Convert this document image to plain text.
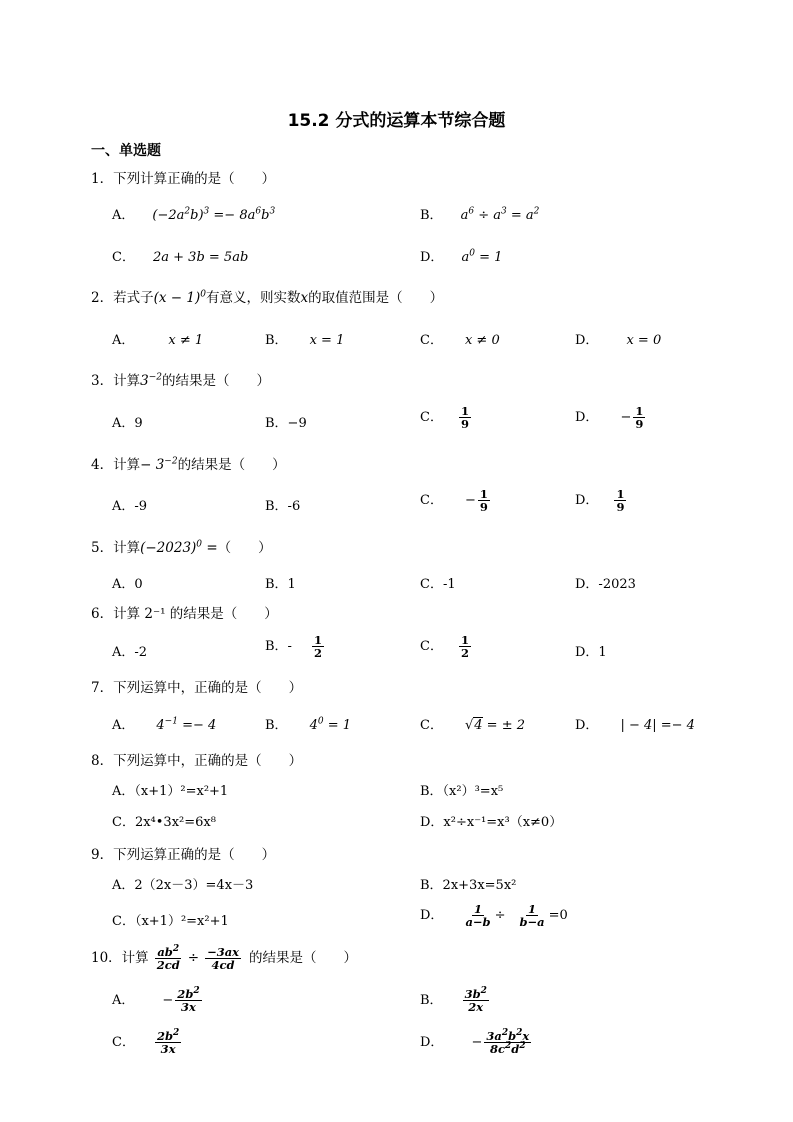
15.2 分式的运算本节综合题
一、单选题
1．下列计算正确的是（　　）
A． $(-2a^2b)^3 =- 8a^6b^3$	B． $a^6 \div a^3 = a^2$
C． 2a + 3b = 5ab	D． $a^0 = 1$
2．若式子$(x - 1)^0$有意义，则实数x的取值范围是（　　）
A．	x ≠ 1	B． x = 1	C． x ≠ 0	D． x = 0
3．计算$3^{-2}$的结果是（　　）
A．9	B．−9	C． $\frac{1}{9}$	D． − $\frac{1}{9}$
4．计算− $3^{-2}$的结果是（　　）
A．-9	B．-6	C． − $\frac{1}{9}$	D． $\frac{1}{9}$
5．计算$(-2023)^0$ =（　　）
A．0	B．1	C．-1	D．-2023
6．计算 2⁻¹ 的结果是（　　）
A．-2	B．- $\frac{1}{2}$	C． $\frac{1}{2}$	D．1
7．下列运算中，正确的是（　　）
A． $4^{-1} =- 4$	B． $4^0 = 1$	C． √4 = ± 2	D． | − 4| =− 4
8．下列运算中，正确的是（　　）
A．（x+1）²=x²+1	B．（x²）³=x⁵
C．2x⁴•3x²=6x⁸	D．x²÷x⁻¹=x³（x≠0）
9．下列运算正确的是（　　）
A．2（2x－3）=4x－3	B．2x+3x=5x²
C．（x+1）²=x²+1	D． $\frac{1}{a-b} \div \frac{1}{b-a} =0$
10．计算 $\frac{ab^2}{2cd} \div \frac{-3ax}{4cd}$ 的结果是（　　）
A． − $\frac{2b^2}{3x}$	B． $\frac{3b^2}{2x}$
C． $\frac{2b^2}{3x}$	D． − $\frac{3a^2b^2x}{8c^2d^2}$
